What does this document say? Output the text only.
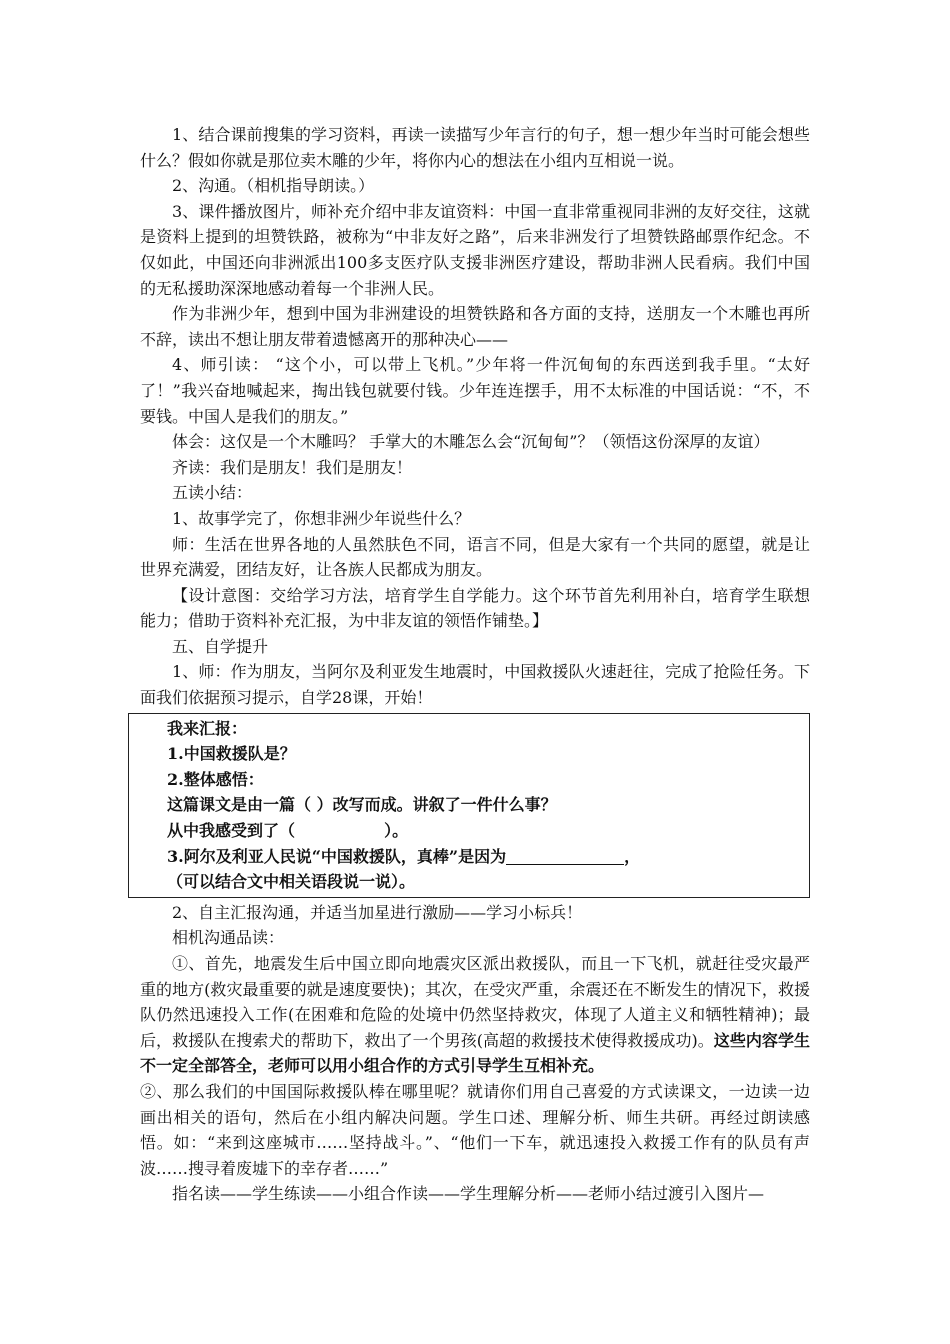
1、结合课前搜集的学习资料，再读一读描写少年言行的句子，想一想少年当时可能会想些什么？假如你就是那位卖木雕的少年，将你内心的想法在小组内互相说一说。

2、沟通。（相机指导朗读。）

3、课件播放图片，师补充介绍中非友谊资料：中国一直非常重视同非洲的友好交往，这就是资料上提到的坦赞铁路，被称为“中非友好之路”，后来非洲发行了坦赞铁路邮票作纪念。不仅如此，中国还向非洲派出100多支医疗队支援非洲医疗建设，帮助非洲人民看病。我们中国的无私援助深深地感动着每一个非洲人民。

作为非洲少年，想到中国为非洲建设的坦赞铁路和各方面的支持，送朋友一个木雕也再所不辞，读出不想让朋友带着遗憾离开的那种决心——

4、师引读： “这个小，可以带上飞机。”少年将一件沉甸甸的东西送到我手里。“太好了！”我兴奋地喊起来，掏出钱包就要付钱。少年连连摆手，用不太标准的中国话说：“不，不要钱。中国人是我们的朋友。”

体会：这仅是一个木雕吗？ 手掌大的木雕怎么会“沉甸甸”？（领悟这份深厚的友谊）

齐读：我们是朋友！我们是朋友！

五读小结：

1、故事学完了，你想非洲少年说些什么？

师：生活在世界各地的人虽然肤色不同，语言不同，但是大家有一个共同的愿望，就是让世界充满爱，团结友好，让各族人民都成为朋友。

【设计意图：交给学习方法，培育学生自学能力。这个环节首先利用补白，培育学生联想能力；借助于资料补充汇报，为中非友谊的领悟作铺垫。】

五、自学提升

1、师：作为朋友，当阿尔及利亚发生地震时，中国救援队火速赶往，完成了抢险任务。下面我们依据预习提示，自学28课，开始！

我来汇报：

1.中国救援队是？

2.整体感悟：

这篇课文是由一篇（ ）改写而成。讲叙了一件什么事？

从中我感受到了（                ）。

3.阿尔及利亚人民说“中国救援队，真棒”是因为	，

（可以结合文中相关语段说一说）。

2、自主汇报沟通，并适当加星进行激励——学习小标兵！

相机沟通品读：

①、首先，地震发生后中国立即向地震灾区派出救援队，而且一下飞机，就赶往受灾最严重的地方(救灾最重要的就是速度要快)；其次，在受灾严重，余震还在不断发生的情况下，救援队仍然迅速投入工作(在困难和危险的处境中仍然坚持救灾，体现了人道主义和牺牲精神)；最后，救援队在搜索犬的帮助下，救出了一个男孩(高超的救援技术使得救援成功)。这些内容学生不一定全部答全，老师可以用小组合作的方式引导学生互相补充。

②、那么我们的中国国际救援队棒在哪里呢？就请你们用自己喜爱的方式读课文，一边读一边画出相关的语句，然后在小组内解决问题。学生口述、理解分析、师生共研。再经过朗读感悟。如：“来到这座城市……坚持战斗。”、“他们一下车，就迅速投入救援工作有的队员有声波……搜寻着废墟下的幸存者……”

指名读——学生练读——小组合作读——学生理解分析——老师小结过渡引入图片—
